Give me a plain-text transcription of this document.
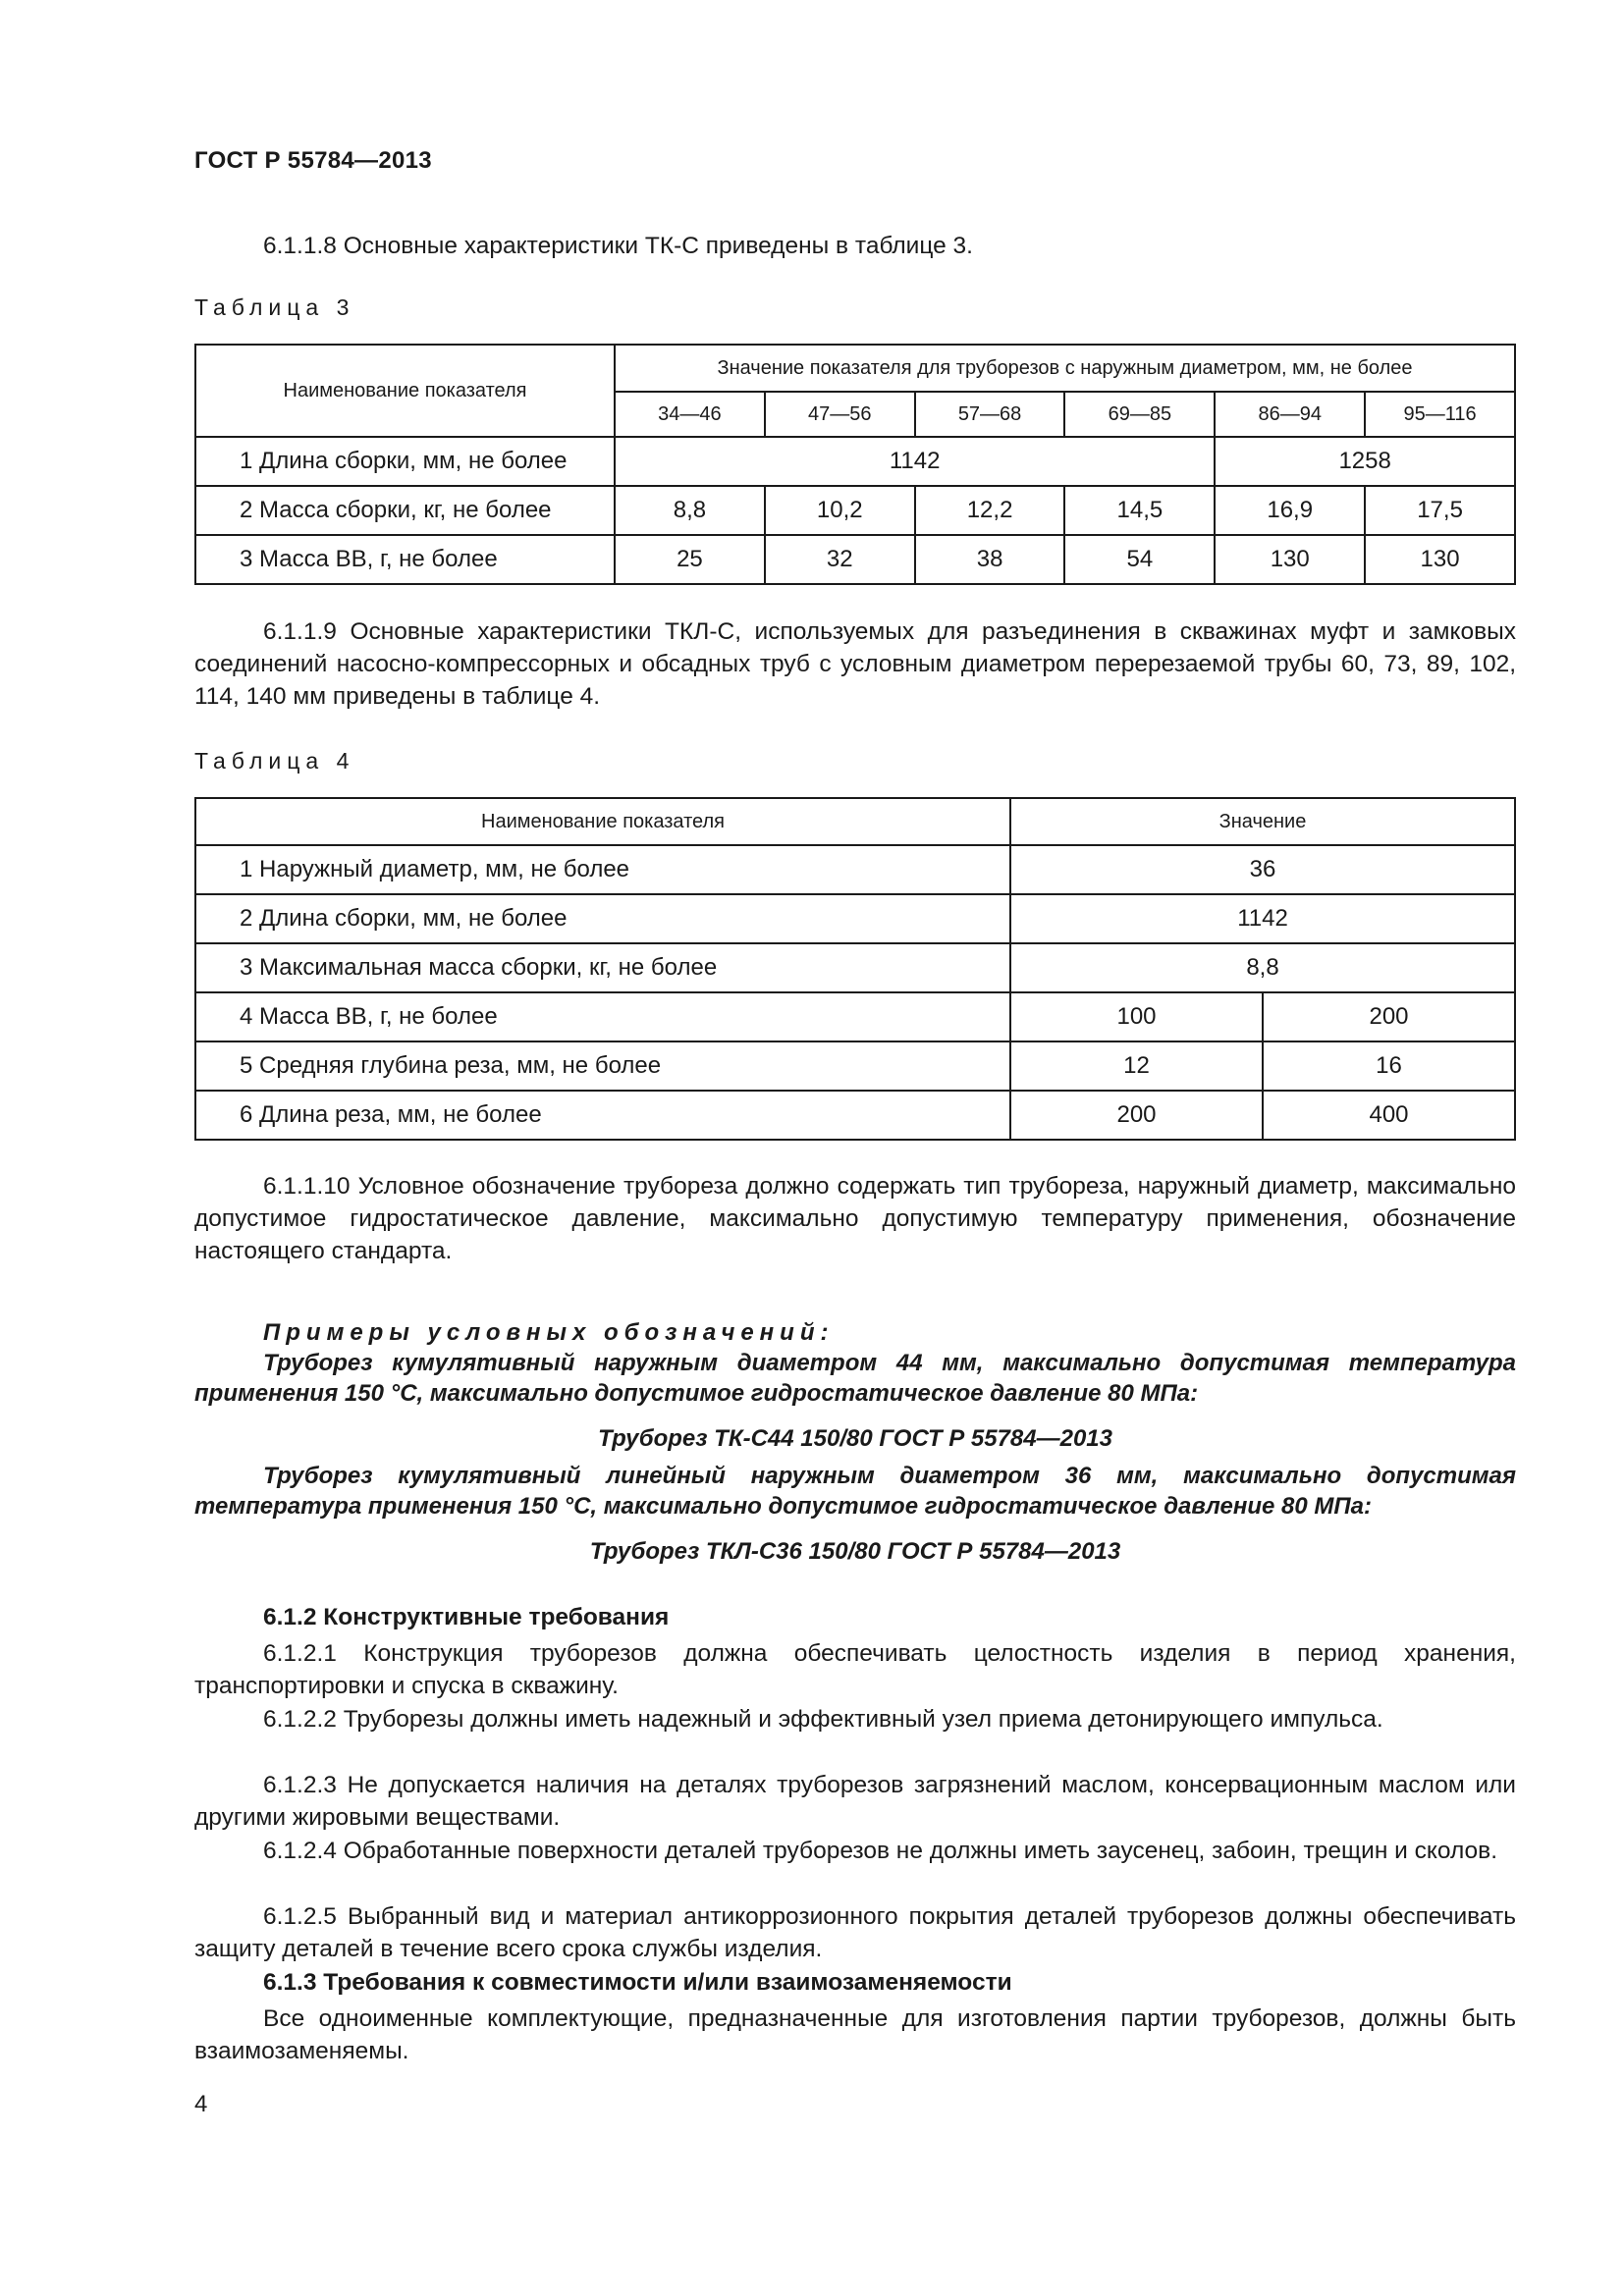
ГОСТ Р 55784—2013
6.1.1.8 Основные характеристики ТК-С приведены в таблице 3.
Таблица 3
Наименование показателя	Значение показателя для труборезов с наружным диаметром, мм, не более					
	34—46	47—56	57—68	69—85	86—94	95—116
1 Длина сборки, мм, не более	1142				1258	
2 Масса сборки, кг, не более	8,8	10,2	12,2	14,5	16,9	17,5
3 Масса ВВ, г, не более	25	32	38	54	130	130
6.1.1.9 Основные характеристики ТКЛ-С, используемых для разъединения в скважинах муфт и замковых соединений насосно-компрессорных и обсадных труб с условным диаметром перерезаемой трубы 60, 73, 89, 102, 114, 140 мм приведены в таблице 4.
Таблица 4
Наименование показателя	Значение	
1 Наружный диаметр, мм, не более	36	
2 Длина сборки, мм, не более	1142	
3 Максимальная масса сборки, кг, не более	8,8	
4 Масса ВВ, г, не более	100	200
5 Средняя глубина реза, мм, не более	12	16
6 Длина реза, мм, не более	200	400
6.1.1.10 Условное обозначение трубореза должно содержать тип трубореза, наружный диаметр, максимально допустимое гидростатическое давление, максимально допустимую температуру применения, обозначение настоящего стандарта.
Примеры условных обозначений:
Труборез кумулятивный наружным диаметром 44 мм, максимально допустимая температура применения 150 °С, максимально допустимое гидростатическое давление 80 МПа:
Труборез ТК-С44 150/80 ГОСТ Р 55784—2013
Труборез кумулятивный линейный наружным диаметром 36 мм, максимально допустимая температура применения 150 °С, максимально допустимое гидростатическое давление 80 МПа:
Труборез ТКЛ-С36 150/80 ГОСТ Р 55784—2013
6.1.2 Конструктивные требования
6.1.2.1 Конструкция труборезов должна обеспечивать целостность изделия в период хранения, транспортировки и спуска в скважину.
6.1.2.2 Труборезы должны иметь надежный и эффективный узел приема детонирующего импульса.
6.1.2.3 Не допускается наличия на деталях труборезов загрязнений маслом, консервационным маслом или другими жировыми веществами.
6.1.2.4 Обработанные поверхности деталей труборезов не должны иметь заусенец, забоин, трещин и сколов.
6.1.2.5 Выбранный вид и материал антикоррозионного покрытия деталей труборезов должны обеспечивать защиту деталей в течение всего срока службы изделия.
6.1.3 Требования к совместимости и/или взаимозаменяемости
Все одноименные комплектующие, предназначенные для изготовления партии труборезов, должны быть взаимозаменяемы.
4
